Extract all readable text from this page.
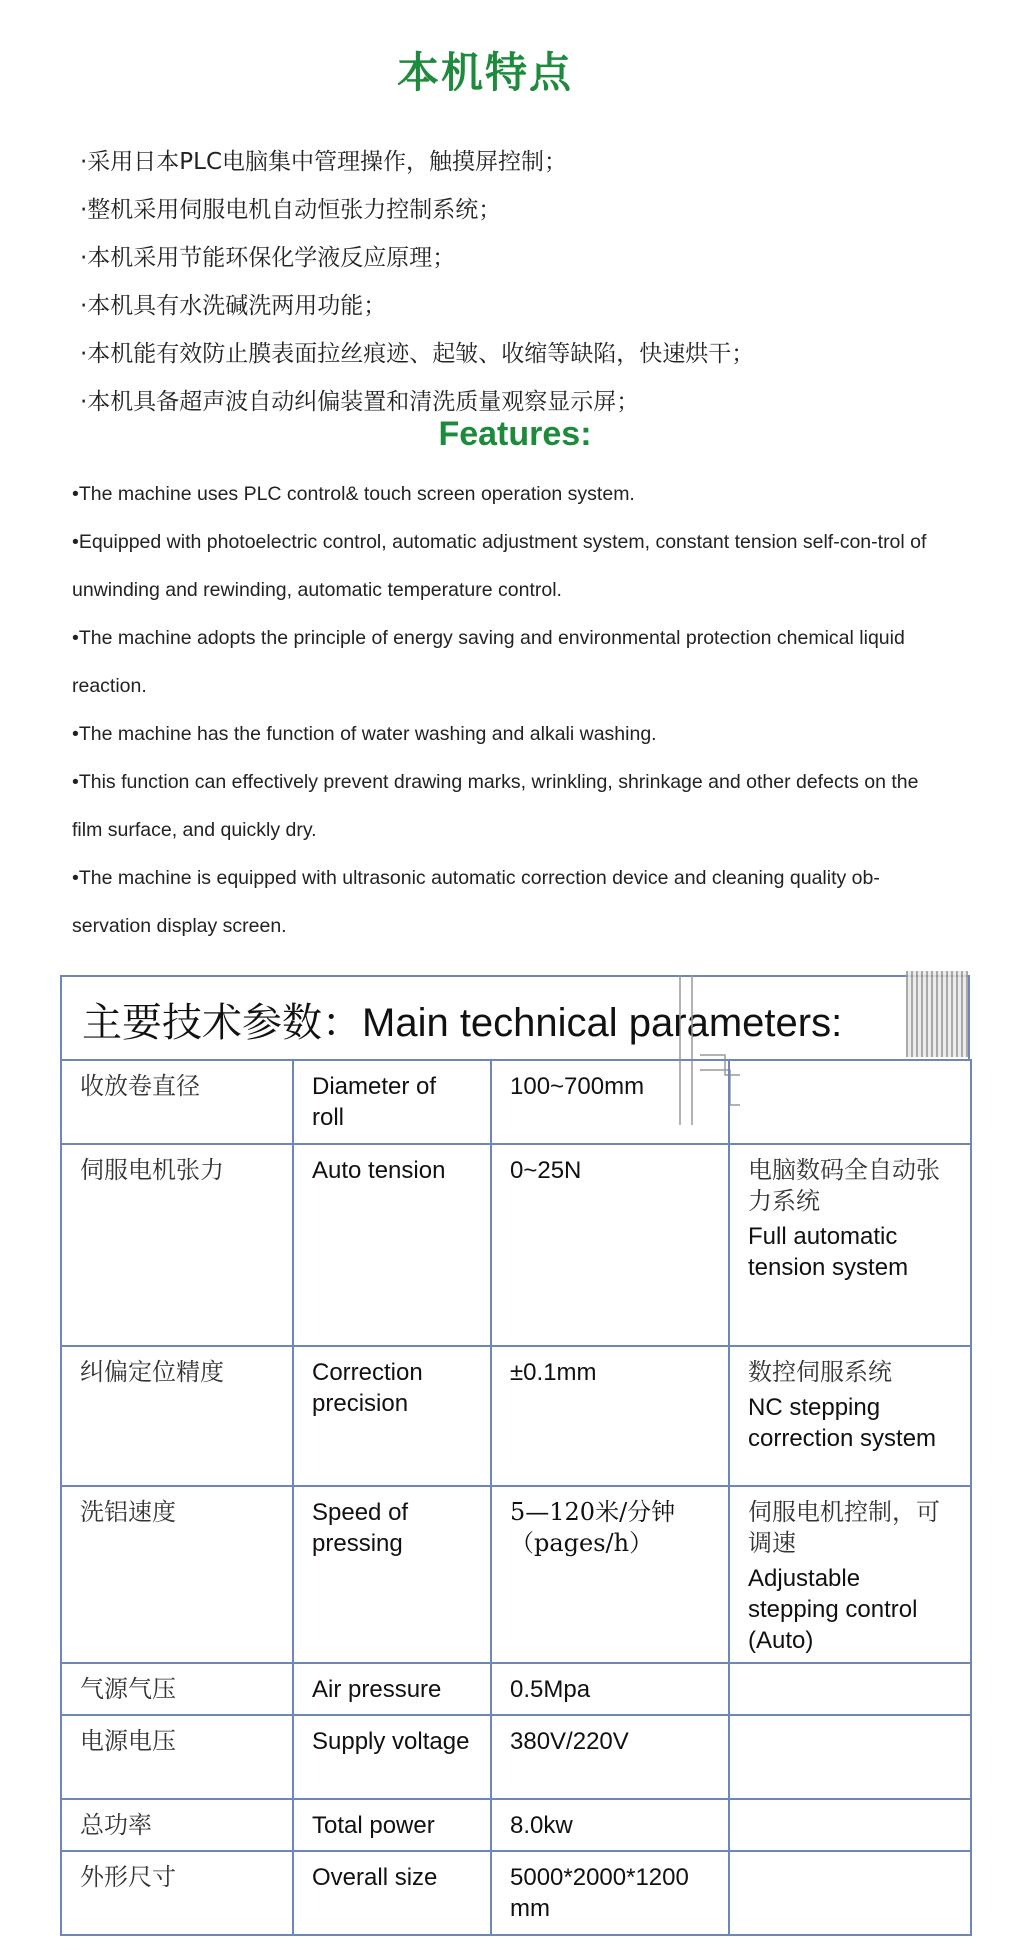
本机特点
·采用日本PLC电脑集中管理操作，触摸屏控制；
·整机采用伺服电机自动恒张力控制系统；
·本机采用节能环保化学液反应原理；
·本机具有水洗碱洗两用功能；
·本机能有效防止膜表面拉丝痕迹、起皱、收缩等缺陷，快速烘干；
·本机具备超声波自动纠偏装置和清洗质量观察显示屏；
Features:
•The machine uses PLC control& touch screen operation system.
•Equipped with photoelectric control, automatic adjustment system, constant tension self-con-trol of unwinding and rewinding, automatic temperature control.
•The machine adopts the principle of energy saving and environmental protection chemical liquid reaction.
•The machine has the function of water washing and alkali washing.
•This function can effectively prevent drawing marks, wrinkling, shrinkage and other defects on the film surface, and quickly dry.
•The machine is equipped with ultrasonic automatic correction device and cleaning quality ob-servation display screen.
主要技术参数：Main technical parameters:
收放卷直径	Diameter of roll	100~700mm	
伺服电机张力	Auto tension	0~25N	电脑数码全自动张力系统
Full automatic tension system

纠偏定位精度	Correction precision	±0.1mm	数控伺服系统
NC stepping correction system

洗铝速度	Speed of pressing	5—120米/分钟
（pages/h）	伺服电机控制，可调速
Adjustable stepping control (Auto)

气源气压	Air pressure	0.5Mpa	
电源电压	Supply voltage	380V/220V	
总功率	Total power	8.0kw	
外形尺寸	Overall size	5000*2000*1200 mm	
